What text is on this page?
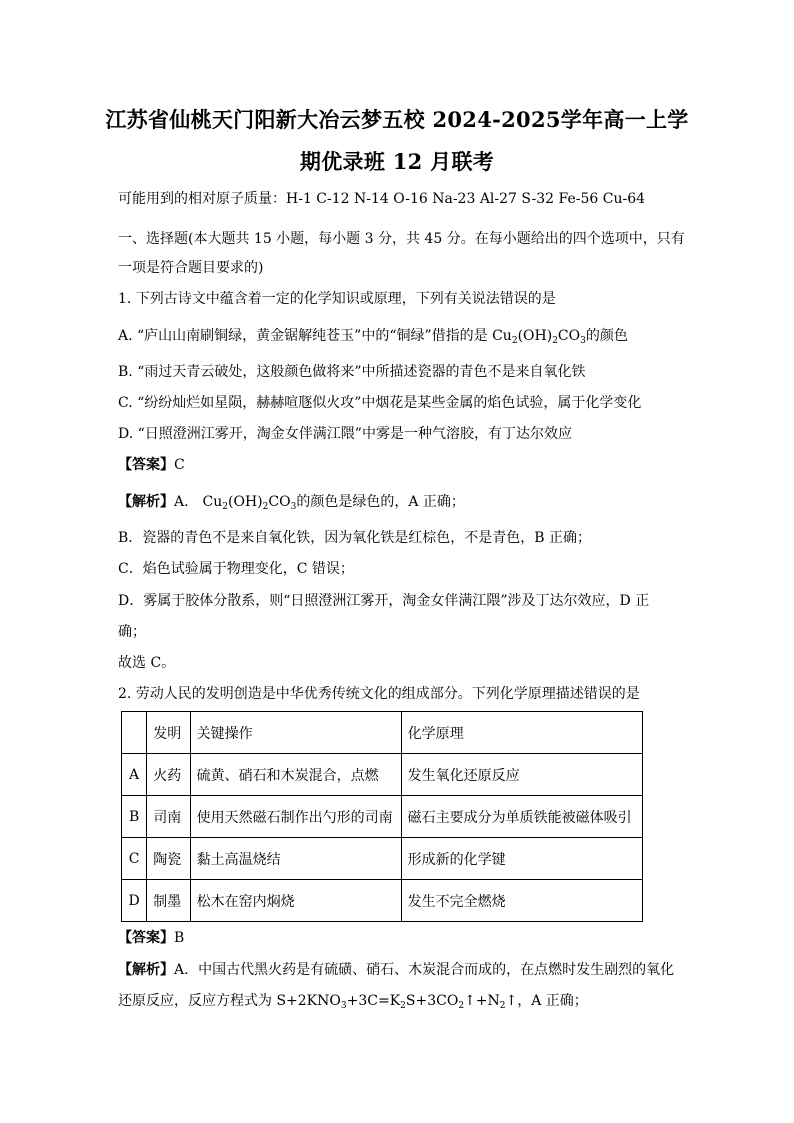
江苏省仙桃天门阳新大冶云梦五校 2024-2025学年高一上学
期优录班 12 月联考
可能用到的相对原子质量：H-1 C-12 N-14 O-16 Na-23 Al-27 S-32 Fe-56 Cu-64
一、选择题(本大题共 15 小题，每小题 3 分，共 45 分。在每小题给出的四个选项中，只有
一项是符合题目要求的)
1. 下列古诗文中蕴含着一定的化学知识或原理，下列有关说法错误的是
A. “庐山山南刷铜绿，黄金锯解纯苍玉”中的“铜绿”借指的是 $Cu_2(OH)_2CO_3$的颜色
B. “雨过天青云破处，这般颜色做将来”中所描述瓷器的青色不是来自氧化铁
C. “纷纷灿烂如星陨，赫赫喧豗似火攻”中烟花是某些金属的焰色试验，属于化学变化
D. “日照澄洲江雾开，淘金女伴满江隈”中雾是一种气溶胶，有丁达尔效应
【答案】C
【解析】A． $Cu_2(OH)_2CO_3$的颜色是绿色的，A 正确；
B．瓷器的青色不是来自氧化铁，因为氧化铁是红棕色，不是青色，B 正确；
C．焰色试验属于物理变化，C 错误；
D．雾属于胶体分散系，则“日照澄洲江雾开，淘金女伴满江隈”涉及丁达尔效应，D 正
确；
故选 C。
2. 劳动人民的发明创造是中华优秀传统文化的组成部分。下列化学原理描述错误的是
	发明	关键操作	化学原理
A	火药	硫黄、硝石和木炭混合，点燃	发生氧化还原反应
B	司南	使用天然磁石制作出勺形的司南	磁石主要成分为单质铁能被磁体吸引
C	陶瓷	黏土高温烧结	形成新的化学键
D	制墨	松木在窑内焖烧	发生不完全燃烧
【答案】B
【解析】A．中国古代黑火药是有硫磺、硝石、木炭混合而成的，在点燃时发生剧烈的氧化
还原反应，反应方程式为 $S+2KNO_3+3C=K_2S+3CO_2↑+N_2↑$，A 正确；
